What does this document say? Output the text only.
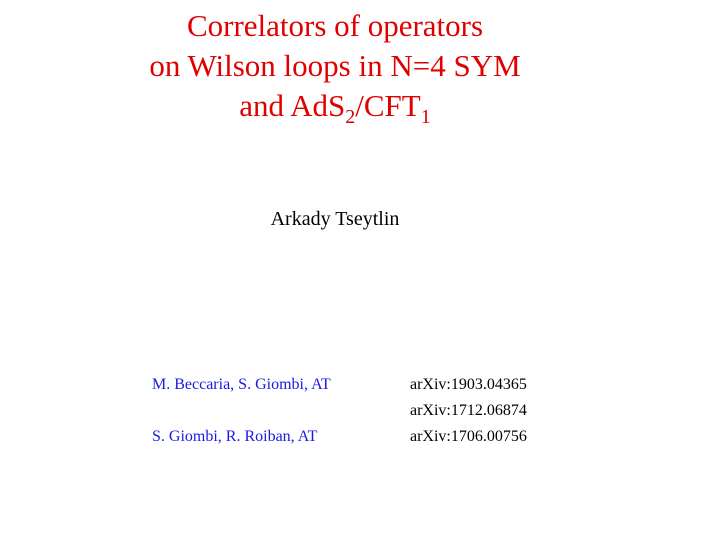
Correlators of operators
on Wilson loops in N=4 SYM
and $AdS_2/CFT_1$
Arkady Tseytlin
M. Beccaria, S. Giombi, AT	arXiv:1903.04365
arXiv:1712.06874
S. Giombi, R. Roiban, AT	arXiv:1706.00756
